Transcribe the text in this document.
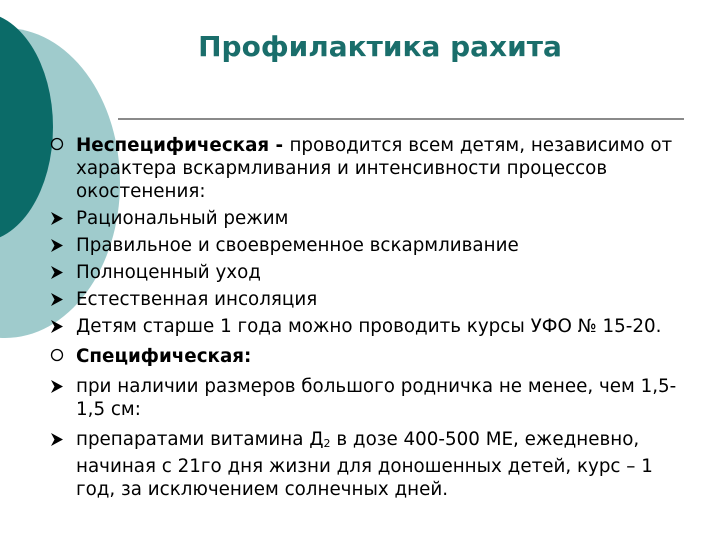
Профилактика рахита
Неспецифическая - проводится всем детям, независимо от характера вскармливания и интенсивности процессов окостенения:
Рациональный режим
Правильное и своевременное вскармливание
Полноценный уход
Естественная инсоляция
Детям старше 1 года можно проводить курсы УФО № 15-20.
Специфическая:
при наличии размеров большого родничка не менее, чем 1,5-1,5 см:
препаратами витамина $Д_2$ в дозе 400-500 МЕ, ежедневно, начиная с 21го дня жизни для доношенных детей, курс – 1 год, за исключением солнечных дней.
